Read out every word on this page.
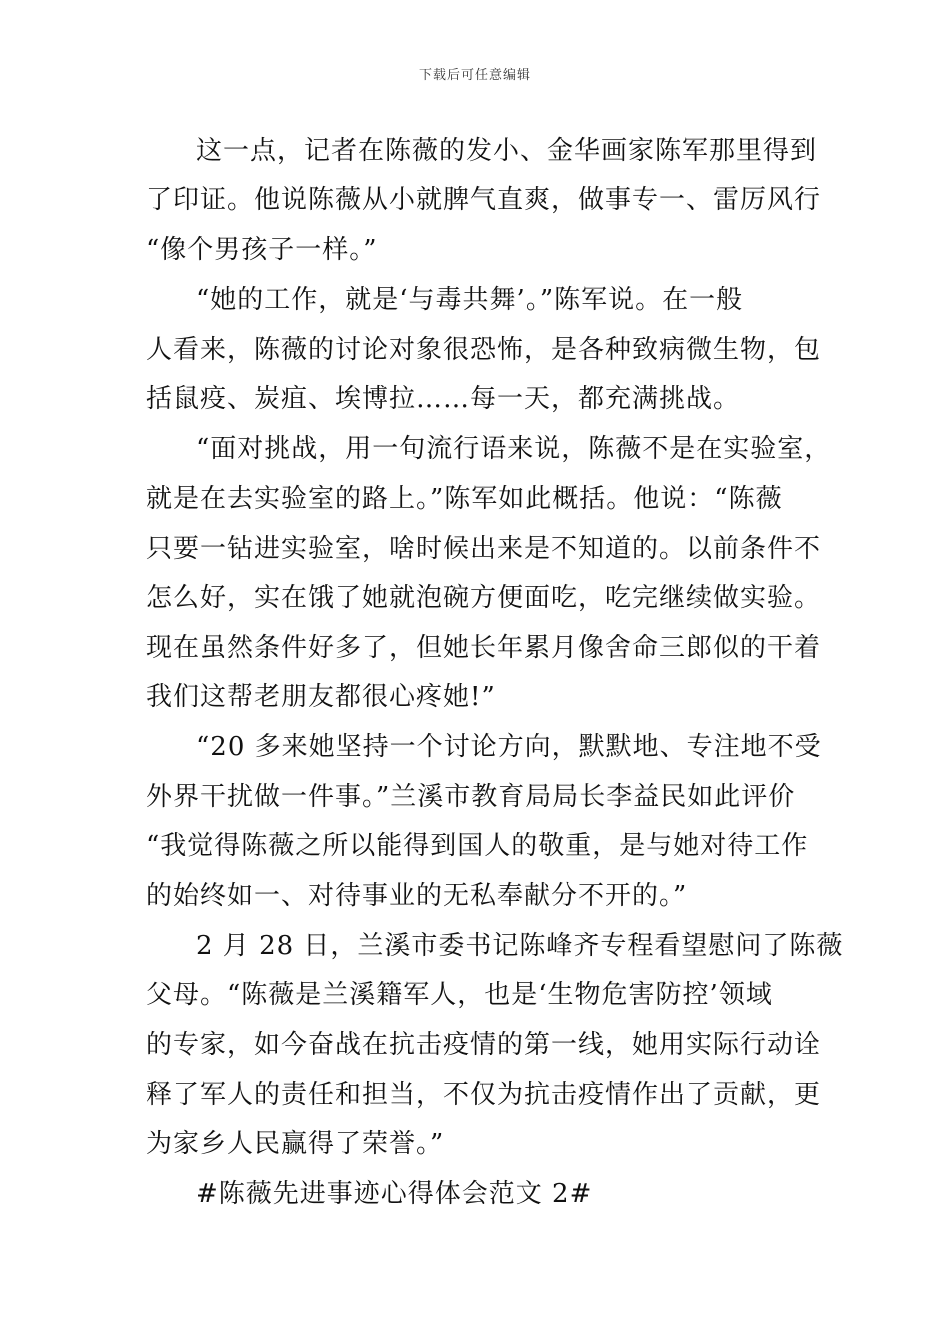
下载后可任意编辑
这一点，记者在陈薇的发小、金华画家陈军那里得到
了印证。他说陈薇从小就脾气直爽，做事专一、雷厉风行
“像个男孩子一样。”
“她的工作，就是‘与毒共舞’。”陈军说。在一般
人看来，陈薇的讨论对象很恐怖，是各种致病微生物，包
括鼠疫、炭疽、埃博拉……每一天，都充满挑战。
“面对挑战，用一句流行语来说，陈薇不是在实验室，
就是在去实验室的路上。”陈军如此概括。他说：“陈薇
只要一钻进实验室，啥时候出来是不知道的。以前条件不
怎么好，实在饿了她就泡碗方便面吃，吃完继续做实验。
现在虽然条件好多了，但她长年累月像舍命三郎似的干着
我们这帮老朋友都很心疼她!”
“20 多来她坚持一个讨论方向，默默地、专注地不受
外界干扰做一件事。”兰溪市教育局局长李益民如此评价
“我觉得陈薇之所以能得到国人的敬重，是与她对待工作
的始终如一、对待事业的无私奉献分不开的。”
2 月 28 日，兰溪市委书记陈峰齐专程看望慰问了陈薇
父母。“陈薇是兰溪籍军人，也是‘生物危害防控’领域
的专家，如今奋战在抗击疫情的第一线，她用实际行动诠
释了军人的责任和担当，不仅为抗击疫情作出了贡献，更
为家乡人民赢得了荣誉。”
#陈薇先进事迹心得体会范文 2#
